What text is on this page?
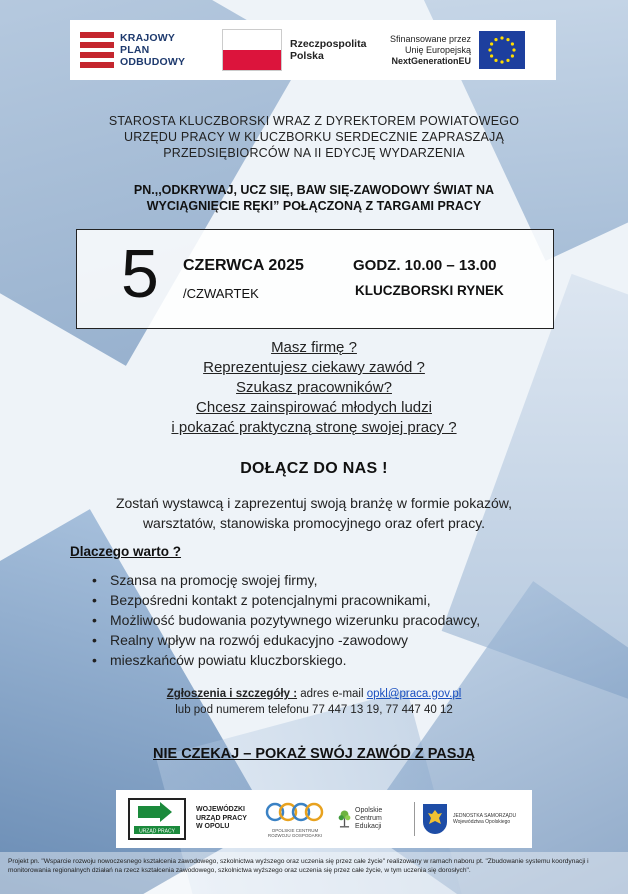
KRAJOWY
PLAN
ODBUDOWY
Rzeczpospolita
Polska
Sfinansowane przez
Unię Europejską
NextGenerationEU
STAROSTA KLUCZBORSKI WRAZ Z DYREKTOREM POWIATOWEGO
URZĘDU PRACY W KLUCZBORKU SERDECZNIE ZAPRASZAJĄ
PRZEDSIĘBIORCÓW NA II EDYCJĘ WYDARZENIA
PN.,,ODKRYWAJ, UCZ SIĘ, BAW SIĘ-ZAWODOWY ŚWIAT NA
WYCIĄGNIĘCIE RĘKI” POŁĄCZONĄ Z TARGAMI PRACY
5 CZERWCA 2025
/CZWARTEK
GODZ. 10.00 – 13.00
KLUCZBORSKI RYNEK
Masz firmę ?
Reprezentujesz ciekawy zawód ?
Szukasz pracowników?
Chcesz zainspirować młodych ludzi
i pokazać praktyczną stronę swojej pracy ?
DOŁĄCZ DO NAS !
Zostań wystawcą i zaprezentuj swoją branżę w formie pokazów,
warsztatów, stanowiska promocyjnego oraz ofert pracy.
Dlaczego warto ?
• Szansa na promocję swojej firmy,
• Bezpośredni kontakt z potencjalnymi pracownikami,
• Możliwość budowania pozytywnego wizerunku pracodawcy,
• Realny wpływ na rozwój edukacyjno -zawodowy
• mieszkańców powiatu kluczborskiego.
Zgłoszenia i szczegóły : adres e-mail opkl@praca.gov.pl
lub pod numerem telefonu 77 447 13 19, 77 447 40 12
NIE CZEKAJ – POKAŻ SWÓJ ZAWÓD Z PASJĄ
URZĄD PRACY
WOJEWÓDZKI URZĄD PRACY W OPOLU	OPOLSKIE CENTRUM ROZWOJU GOSPODARKI
Opolskie Centrum Edukacji
JEDNOSTKA SAMORZĄDU Województwa Opolskiego
Projekt pn. "Wsparcie rozwoju nowoczesnego kształcenia zawodowego, szkolnictwa wyższego oraz uczenia się przez całe życie" realizowany w ramach naboru pt. "Zbudowanie systemu koordynacji i monitorowania regionalnych działań na rzecz kształcenia zawodowego, szkolnictwa wyższego oraz uczenia się przez całe życie, w tym uczenia się dorosłych".
